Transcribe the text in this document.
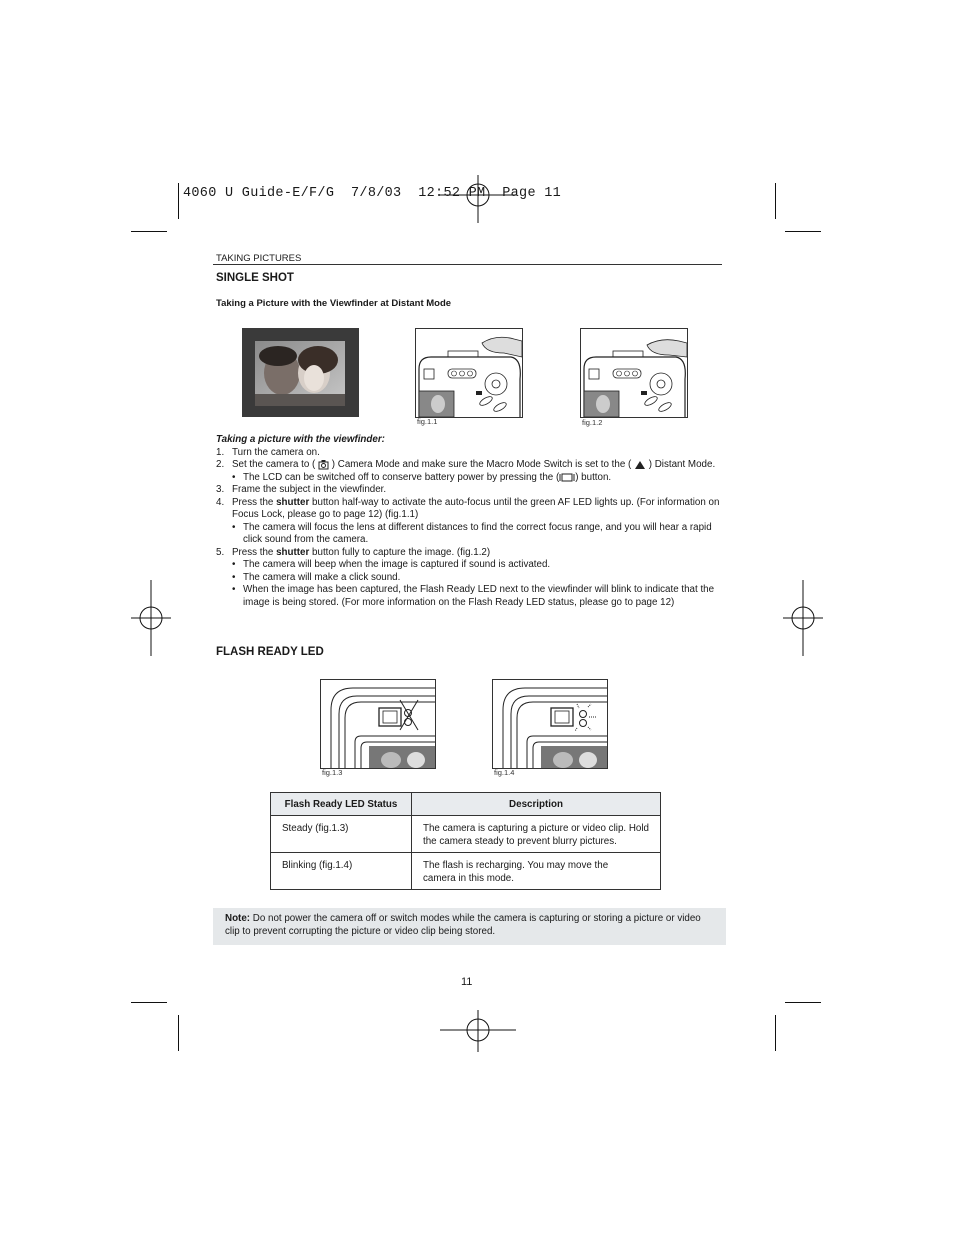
4060 U Guide-E/F/G  7/8/03  12:52 PM  Page 11
TAKING PICTURES
SINGLE SHOT
Taking a Picture with the Viewfinder at Distant Mode
fig.1.1	fig.1.2
Taking a picture with the viewfinder:
1. Turn the camera on.
2. Set the camera to ( ) Camera Mode and make sure the Macro Mode Switch is set to the ( ) Distant Mode.
• The LCD can be switched off to conserve battery power by pressing the ( ) button.
3. Frame the subject in the viewfinder.
4. Press the shutter button half-way to activate the auto-focus until the green AF LED lights up. (For information on Focus Lock, please go to page 12) (fig.1.1)
• The camera will focus the lens at different distances to find the correct focus range, and you will hear a rapid click sound from the camera.
5. Press the shutter button fully to capture the image. (fig.1.2)
• The camera will beep when the image is captured if sound is activated.
• The camera will make a click sound.
• When the image has been captured, the Flash Ready LED next to the viewfinder will blink to indicate that the image is being stored. (For more information on the Flash Ready LED status, please go to page 12)
FLASH READY LED
fig.1.3	fig.1.4
Flash Ready LED Status	Description
Steady (fig.1.3)	The camera is capturing a picture or video clip. Hold the camera steady to prevent blurry pictures.
Blinking (fig.1.4)	The flash is recharging. You may move the camera in this mode.
Note: Do not power the camera off or switch modes while the camera is capturing or storing a picture or video clip to prevent corrupting the picture or video clip being stored.
11
